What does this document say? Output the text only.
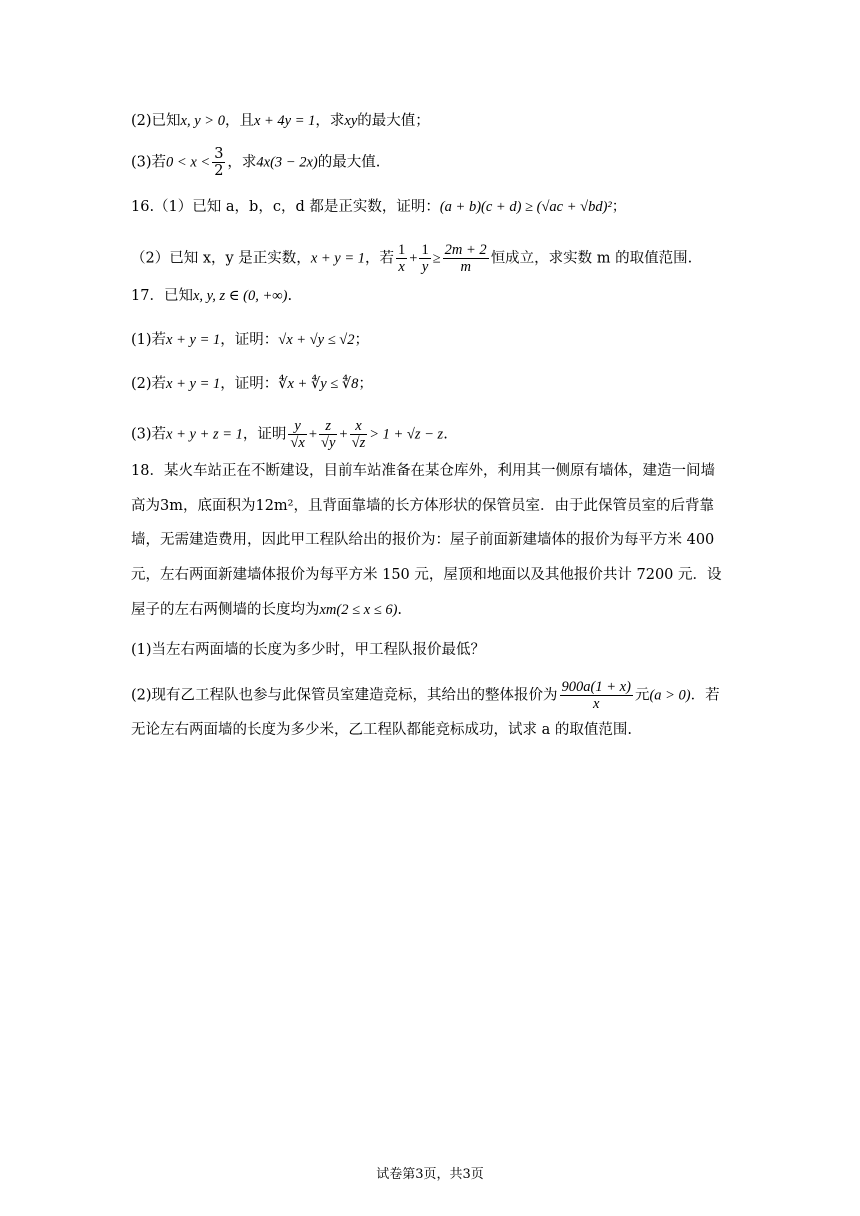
(2)已知x, y > 0，且x + 4y = 1，求xy的最大值；
(3)若$0 < x < \frac{3}{2}$ ，求4x(3 − 2x)的最大值.
16.（1）已知 a，b，c，d 都是正实数，证明：(a + b)(c + d) ≥ (√ac + √bd)²；
（2）已知 x，y 是正实数，x + y = 1，若 $\frac{1}{x} + \frac{1}{y} \ge \frac{2m + 2}{m}$ 恒成立，求实数 m 的取值范围.
17．已知x, y, z ∈ (0, +∞).
(1)若x + y = 1，证明：√x + √y ≤ √2；
(2)若x + y = 1，证明：∜x + ∜y ≤ ∜8；
(3)若x + y + z = 1，证明 $\frac{y}{√x} + \frac{z}{√y} + \frac{x}{√z} > 1 + √z - z$.
18．某火车站正在不断建设，目前车站准备在某仓库外，利用其一侧原有墙体，建造一间墙
高为3m，底面积为12m²，且背面靠墙的长方体形状的保管员室．由于此保管员室的后背靠
墙，无需建造费用，因此甲工程队给出的报价为：屋子前面新建墙体的报价为每平方米 400
元，左右两面新建墙体报价为每平方米 150 元，屋顶和地面以及其他报价共计 7200 元．设
屋子的左右两侧墙的长度均为xm(2 ≤ x ≤ 6).
(1)当左右两面墙的长度为多少时，甲工程队报价最低？
(2)现有乙工程队也参与此保管员室建造竞标，其给出的整体报价为 $\frac{900a(1 + x)}{x}$ 元(a > 0)．若
无论左右两面墙的长度为多少米，乙工程队都能竞标成功，试求 a 的取值范围.
试卷第3页，共3页
